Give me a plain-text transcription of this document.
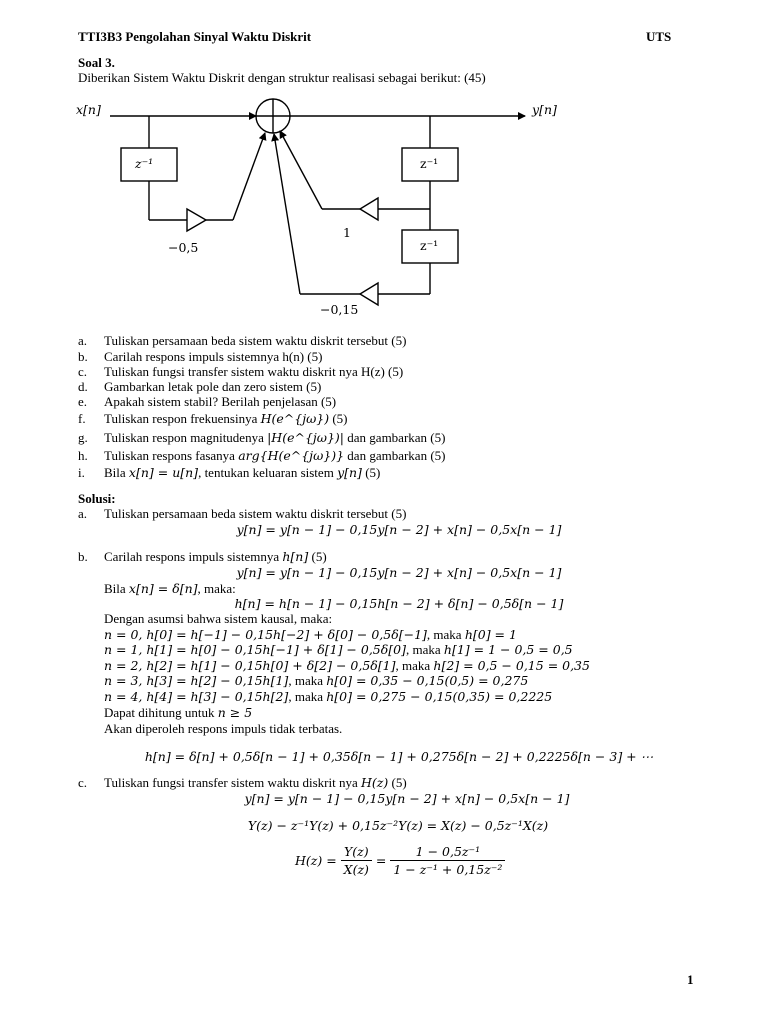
TTI3B3 Pengolahan Sinyal Waktu Diskrit	UTS
Soal 3.
Diberikan Sistem Waktu Diskrit dengan struktur realisasi sebagai berikut: (45)
x[n]	y[n]
z⁻¹	z⁻¹
z⁻¹
−0,5
1
−0,15
a. Tuliskan persamaan beda sistem waktu diskrit tersebut (5)
b. Carilah respons impuls sistemnya h(n) (5)
c. Tuliskan fungsi transfer sistem waktu diskrit nya H(z) (5)
d. Gambarkan letak pole dan zero sistem (5)
e. Apakah sistem stabil? Berilah penjelasan (5)
f. Tuliskan respon frekuensinya H(e^{jω}) (5)
g. Tuliskan respon magnitudenya |H(e^{jω})| dan gambarkan (5)
h. Tuliskan respons fasanya arg{H(e^{jω})} dan gambarkan (5)
i. Bila x[n] = u[n], tentukan keluaran sistem y[n] (5)
Solusi:
a. Tuliskan persamaan beda sistem waktu diskrit tersebut (5)
y[n] = y[n − 1] − 0,15y[n − 2] + x[n] − 0,5x[n − 1]
b. Carilah respons impuls sistemnya h[n] (5)
y[n] = y[n − 1] − 0,15y[n − 2] + x[n] − 0,5x[n − 1]
Bila x[n] = δ[n], maka:
h[n] = h[n − 1] − 0,15h[n − 2] + δ[n] − 0,5δ[n − 1]
Dengan asumsi bahwa sistem kausal, maka:
n = 0, h[0] = h[−1] − 0,15h[−2] + δ[0] − 0,5δ[−1], maka h[0] = 1
n = 1, h[1] = h[0] − 0,15h[−1] + δ[1] − 0,5δ[0], maka h[1] = 1 − 0,5 = 0,5
n = 2, h[2] = h[1] − 0,15h[0] + δ[2] − 0,5δ[1], maka h[2] = 0,5 − 0,15 = 0,35
n = 3, h[3] = h[2] − 0,15h[1], maka h[0] = 0,35 − 0,15(0,5) = 0,275
n = 4, h[4] = h[3] − 0,15h[2], maka h[0] = 0,275 − 0,15(0,35) = 0,2225
Dapat dihitung untuk n ≥ 5
Akan diperoleh respons impuls tidak terbatas.
h[n] = δ[n] + 0,5δ[n − 1] + 0,35δ[n − 1] + 0,275δ[n − 2] + 0,2225δ[n − 3] + ⋯
c. Tuliskan fungsi transfer sistem waktu diskrit nya H(z) (5)
y[n] = y[n − 1] − 0,15y[n − 2] + x[n] − 0,5x[n − 1]
Y(z) − z⁻¹Y(z) + 0,15z⁻²Y(z) = X(z) − 0,5z⁻¹X(z)
$H(z) = \frac{Y(z)}{X(z)} = \frac{\text{1 − 0,5z⁻¹}}{\text{1 − z⁻¹ + 0,15z⁻²}}$
1
